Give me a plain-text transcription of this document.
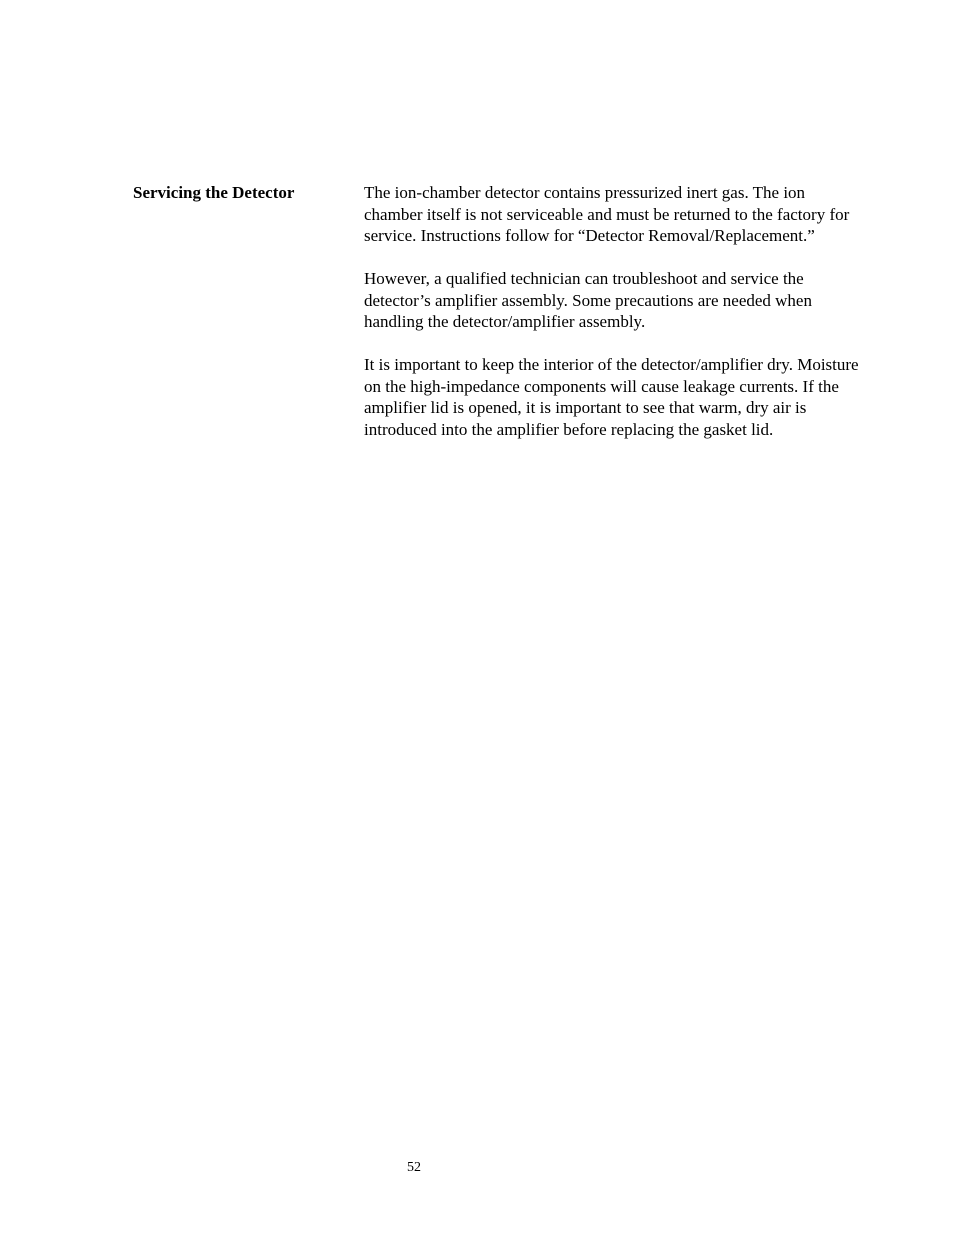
Servicing the Detector	The ion-chamber detector contains pressurized inert gas. The ion chamber itself is not serviceable and must be returned to the factory for service. Instructions follow for “Detector Removal/Replacement.”

However, a qualified technician can troubleshoot and service the detector’s amplifier assembly. Some precautions are needed when handling the detector/amplifier assembly.

It is important to keep the interior of the detector/amplifier dry. Moisture on the high-impedance components will cause leakage currents. If the amplifier lid is opened, it is important to see that warm, dry air is introduced into the amplifier before replacing the gasket lid.

52
